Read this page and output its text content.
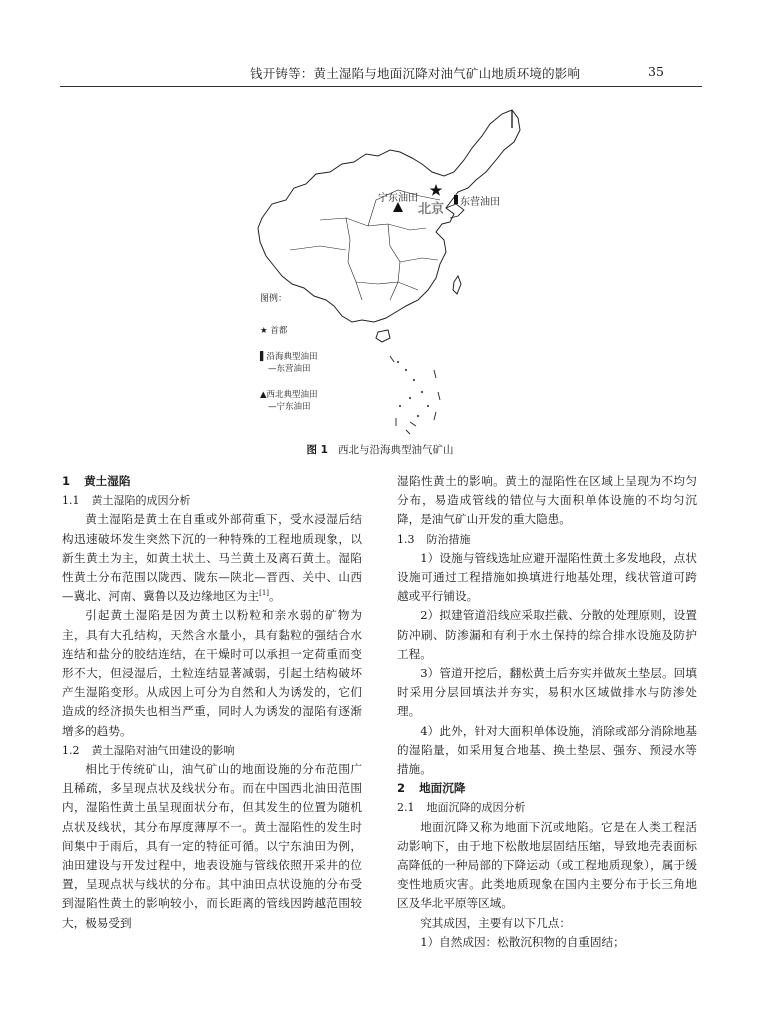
钱开铸等：黄土湿陷与地面沉降对油气矿山地质环境的影响	35
宁东油田	东营油田
北京
图例：
★ 首都
▌沿海典型油田
—东营油田
▲西北典型油田
—宁东油田
图 1 西北与沿海典型油气矿山

1 黄土湿陷

1.1 黄土湿陷的成因分析

黄土湿陷是黄土在自重或外部荷重下，受水浸湿后结构迅速破坏发生突然下沉的一种特殊的工程地质现象，以新生黄土为主，如黄土状土、马兰黄土及离石黄土。湿陷性黄土分布范围以陇西、陇东—陕北—晋西、关中、山西—冀北、河南、冀鲁以及边缘地区为主[1]。

引起黄土湿陷是因为黄土以粉粒和亲水弱的矿物为主，具有大孔结构，天然含水量小，具有黏粒的强结合水连结和盐分的胶结连结，在干燥时可以承担一定荷重而变形不大，但浸湿后，土粒连结显著减弱，引起土结构破坏产生湿陷变形。从成因上可分为自然和人为诱发的，它们造成的经济损失也相当严重，同时人为诱发的湿陷有逐渐增多的趋势。

1.2 黄土湿陷对油气田建设的影响

相比于传统矿山，油气矿山的地面设施的分布范围广且稀疏，多呈现点状及线状分布。而在中国西北油田范围内，湿陷性黄土虽呈现面状分布，但其发生的位置为随机点状及线状，其分布厚度薄厚不一。黄土湿陷性的发生时间集中于雨后，具有一定的特征可循。以宁东油田为例，油田建设与开发过程中，地表设施与管线依照开采井的位置，呈现点状与线状的分布。其中油田点状设施的分布受到湿陷性黄土的影响较小，而长距离的管线因跨越范围较大，极易受到

湿陷性黄土的影响。黄土的湿陷性在区域上呈现为不均匀分布，易造成管线的错位与大面积单体设施的不均匀沉降，是油气矿山开发的重大隐患。

1.3 防治措施

1）设施与管线选址应避开湿陷性黄土多发地段，点状设施可通过工程措施如换填进行地基处理，线状管道可跨越或平行铺设。

2）拟建管道沿线应采取拦截、分散的处理原则，设置防冲刷、防渗漏和有利于水土保持的综合排水设施及防护工程。

3）管道开挖后，翻松黄土后夯实并做灰土垫层。回填时采用分层回填法并夯实，易积水区域做排水与防渗处理。

4）此外，针对大面积单体设施，消除或部分消除地基的湿陷量，如采用复合地基、换土垫层、强夯、预浸水等措施。

2 地面沉降

2.1 地面沉降的成因分析

地面沉降又称为地面下沉或地陷。它是在人类工程活动影响下，由于地下松散地层固结压缩，导致地壳表面标高降低的一种局部的下降运动（或工程地质现象），属于缓变性地质灾害。此类地质现象在国内主要分布于长三角地区及华北平原等区域。

究其成因，主要有以下几点：

1）自然成因：松散沉积物的自重固结；
